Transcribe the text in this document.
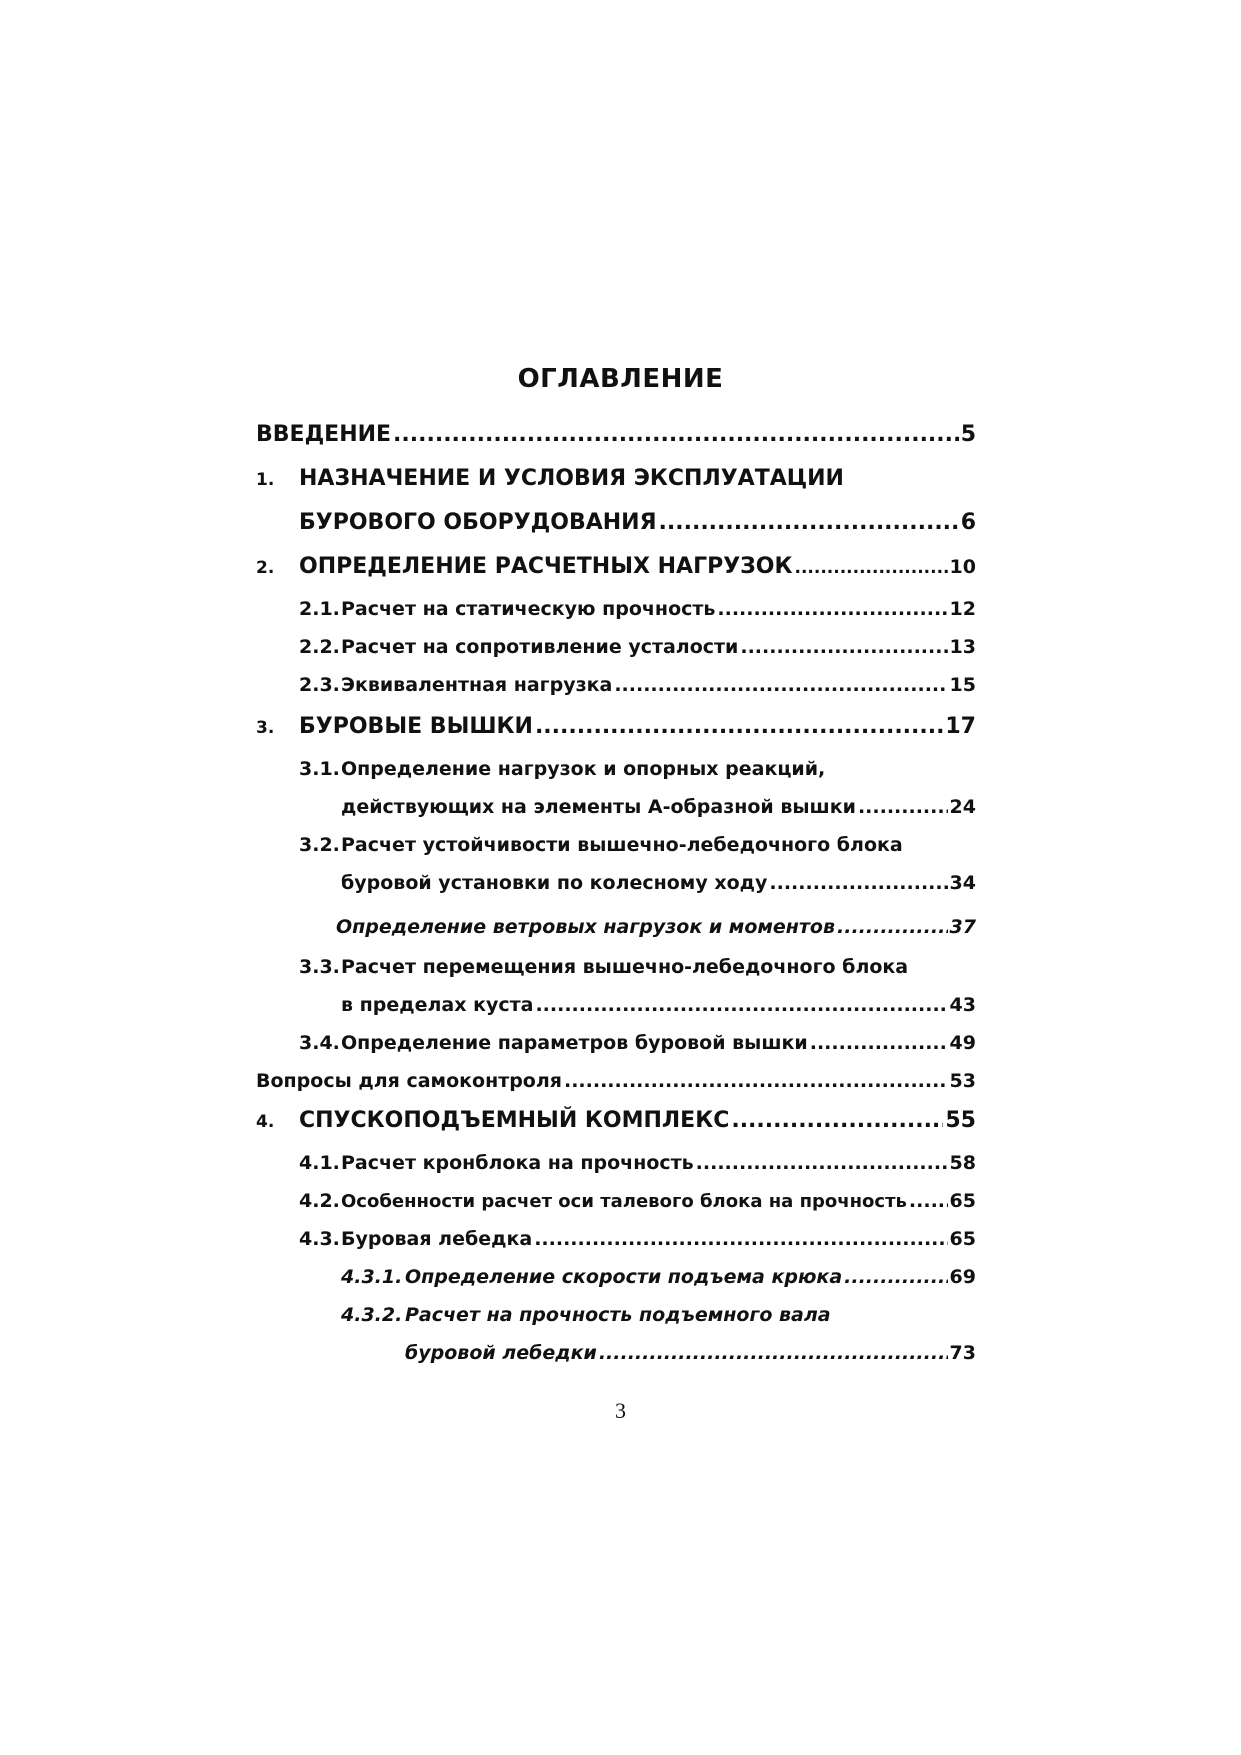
ОГЛАВЛЕНИЕ
ВВЕДЕНИЕ .....	5
1.	НАЗНАЧЕНИЕ И УСЛОВИЯ ЭКСПЛУАТАЦИИ
БУРОВОГО ОБОРУДОВАНИЯ .....	6
2.	ОПРЕДЕЛЕНИЕ РАСЧЕТНЫХ НАГРУЗОК .....	10
2.1. Расчет на статическую прочность .....	12
2.2. Расчет на сопротивление усталости .....	13
2.3. Эквивалентная нагрузка .....	15
3.	БУРОВЫЕ ВЫШКИ .....	17
3.1. Определение нагрузок и опорных реакций,
действующих на элементы А-образной вышки .....	24
3.2. Расчет устойчивости вышечно-лебедочного блока
буровой установки по колесному ходу .....	34
Определение ветровых нагрузок и моментов .....	37
3.3. Расчет перемещения вышечно-лебедочного блока
в пределах куста .....	43
3.4. Определение параметров буровой вышки .....	49
Вопросы для самоконтроля .....	53
4.	СПУСКОПОДЪЕМНЫЙ КОМПЛЕКС .....	55
4.1. Расчет кронблока на прочность .....	58
4.2. Особенности расчет оси талевого блока на прочность ..... 65
4.3. Буровая лебедка .....	65
4.3.1. Определение скорости подъема крюка .....	69
4.3.2. Расчет на прочность подъемного вала
буровой лебедки .....	73
3
